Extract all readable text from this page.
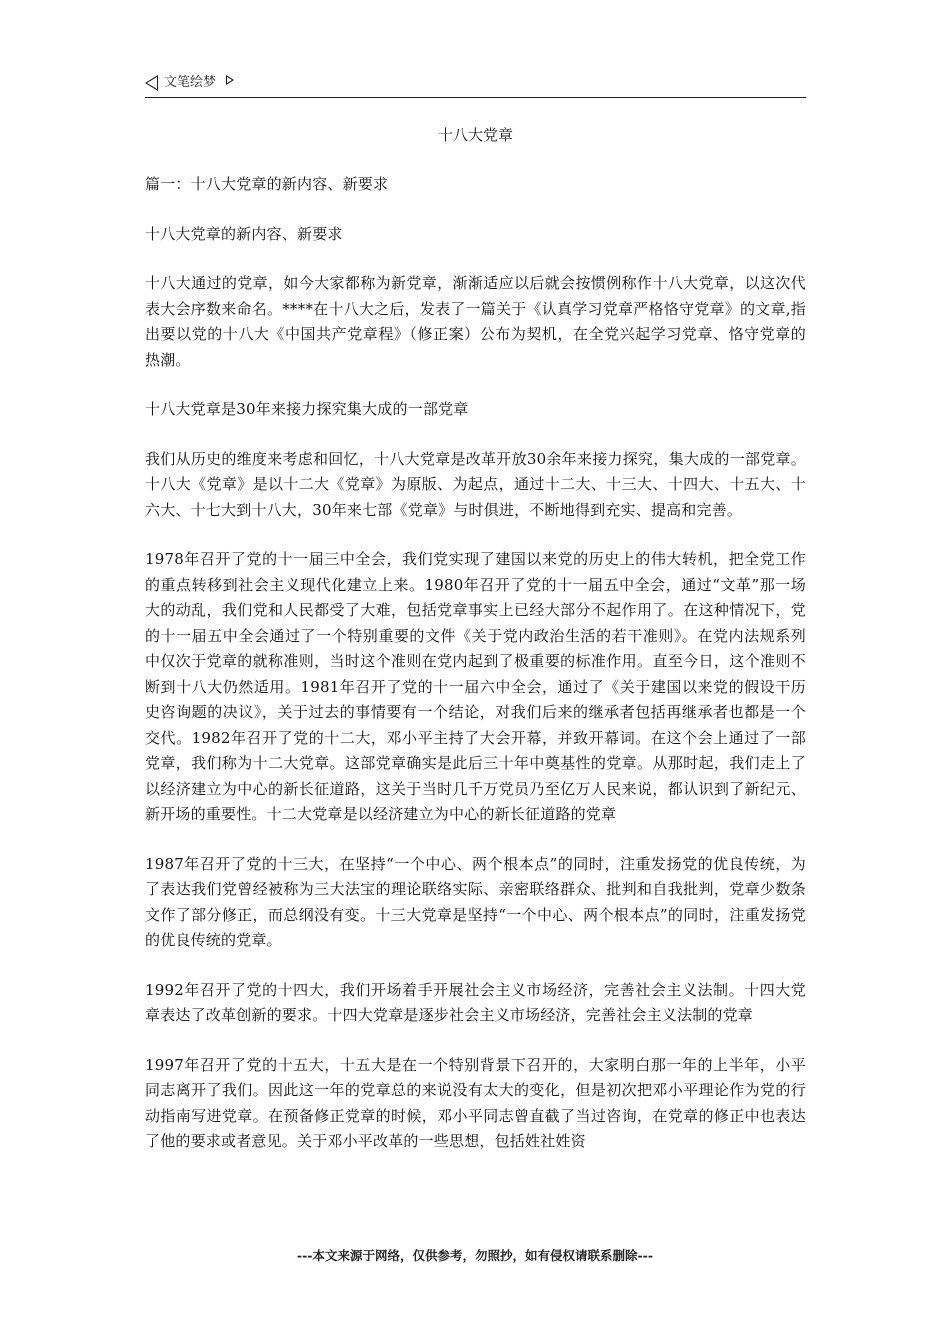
文笔绘梦
十八大党章

篇一：十八大党章的新内容、新要求

十八大党章的新内容、新要求

十八大通过的党章，如今大家都称为新党章，渐渐适应以后就会按惯例称作十八大党章，以这次代表大会序数来命名。****在十八大之后，发表了一篇关于《认真学习党章严格恪守党章》的文章,指出要以党的十八大《中国共产党章程》（修正案）公布为契机，在全党兴起学习党章、恪守党章的热潮。

十八大党章是30年来接力探究集大成的一部党章

我们从历史的维度来考虑和回忆，十八大党章是改革开放30余年来接力探究，集大成的一部党章。十八大《党章》是以十二大《党章》为原版、为起点，通过十二大、十三大、十四大、十五大、十六大、十七大到十八大，30年来七部《党章》与时俱进，不断地得到充实、提高和完善。

1978年召开了党的十一届三中全会，我们党实现了建国以来党的历史上的伟大转机，把全党工作的重点转移到社会主义现代化建立上来。1980年召开了党的十一届五中全会，通过“文革”那一场大的动乱，我们党和人民都受了大难，包括党章事实上已经大部分不起作用了。在这种情况下，党的十一届五中全会通过了一个特别重要的文件《关于党内政治生活的若干准则》。在党内法规系列中仅次于党章的就称准则，当时这个准则在党内起到了极重要的标准作用。直至今日，这个准则不断到十八大仍然适用。1981年召开了党的十一届六中全会，通过了《关于建国以来党的假设干历史咨询题的决议》，关于过去的事情要有一个结论，对我们后来的继承者包括再继承者也都是一个交代。1982年召开了党的十二大，邓小平主持了大会开幕，并致开幕词。在这个会上通过了一部党章，我们称为十二大党章。这部党章确实是此后三十年中奠基性的党章。从那时起，我们走上了以经济建立为中心的新长征道路，这关于当时几千万党员乃至亿万人民来说，都认识到了新纪元、新开场的重要性。十二大党章是以经济建立为中心的新长征道路的党章

1987年召开了党的十三大，在坚持“一个中心、两个根本点”的同时，注重发扬党的优良传统，为了表达我们党曾经被称为三大法宝的理论联络实际、亲密联络群众、批判和自我批判，党章少数条文作了部分修正，而总纲没有变。十三大党章是坚持“一个中心、两个根本点”的同时，注重发扬党的优良传统的党章。

1992年召开了党的十四大，我们开场着手开展社会主义市场经济，完善社会主义法制。十四大党章表达了改革创新的要求。十四大党章是逐步社会主义市场经济，完善社会主义法制的党章

1997年召开了党的十五大，十五大是在一个特别背景下召开的，大家明白那一年的上半年，小平同志离开了我们。因此这一年的党章总的来说没有太大的变化，但是初次把邓小平理论作为党的行动指南写进党章。在预备修正党章的时候，邓小平同志曾直截了当过咨询，在党章的修正中也表达了他的要求或者意见。关于邓小平改革的一些思想，包括姓社姓资

---本文来源于网络，仅供参考，勿照抄，如有侵权请联系删除---
